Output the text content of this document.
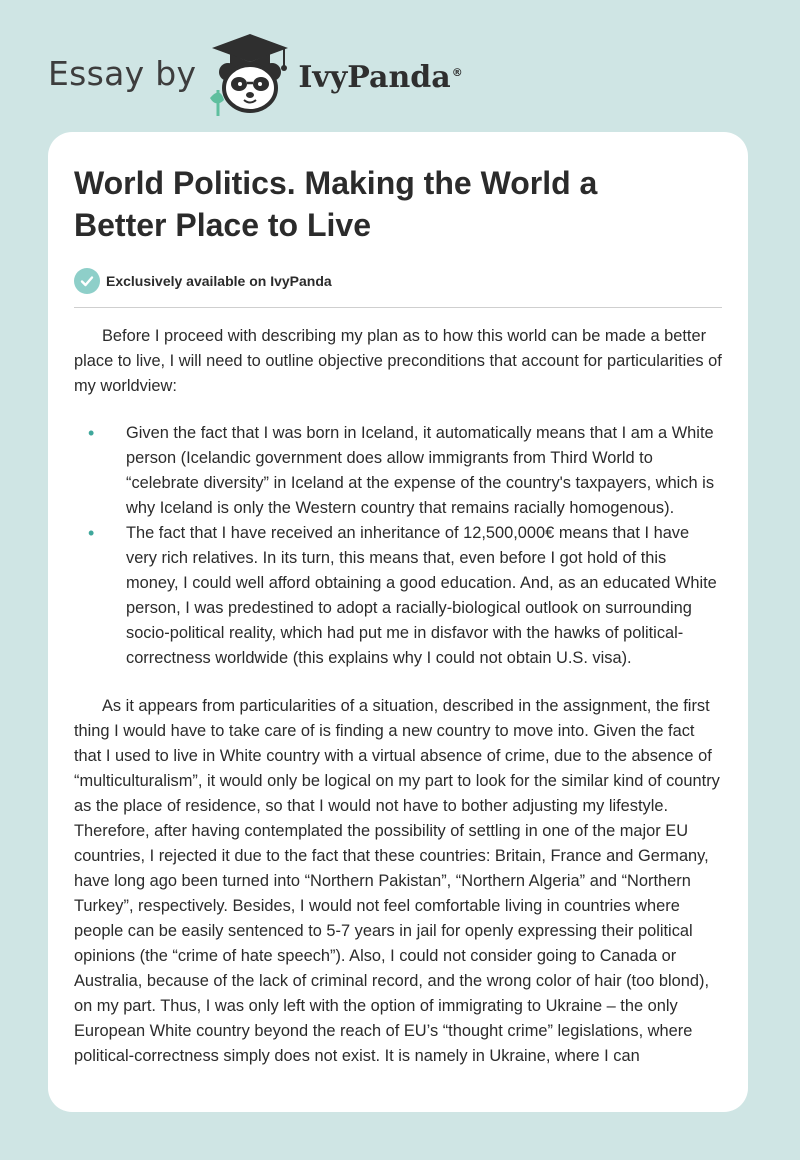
Essay by	IvyPanda®
World Politics. Making the World a
Better Place to Live
Exclusively available on IvyPanda

Before I proceed with describing my plan as to how this world can be made a better place to live, I will need to outline objective preconditions that account for particularities of my worldview:

• Given the fact that I was born in Iceland, it automatically means that I am a White person (Icelandic government does allow immigrants from Third World to “celebrate diversity” in Iceland at the expense of the country's taxpayers, which is why Iceland is only the Western country that remains racially homogenous).
• The fact that I have received an inheritance of 12,500,000€ means that I have very rich relatives. In its turn, this means that, even before I got hold of this money, I could well afford obtaining a good education. And, as an educated White person, I was predestined to adopt a racially-biological outlook on surrounding socio-political reality, which had put me in disfavor with the hawks of political-correctness worldwide (this explains why I could not obtain U.S. visa).

As it appears from particularities of a situation, described in the assignment, the first thing I would have to take care of is finding a new country to move into. Given the fact that I used to live in White country with a virtual absence of crime, due to the absence of “multiculturalism”, it would only be logical on my part to look for the similar kind of country as the place of residence, so that I would not have to bother adjusting my lifestyle. Therefore, after having contemplated the possibility of settling in one of the major EU countries, I rejected it due to the fact that these countries: Britain, France and Germany, have long ago been turned into “Northern Pakistan”, “Northern Algeria” and “Northern Turkey”, respectively. Besides, I would not feel comfortable living in countries where people can be easily sentenced to 5-7 years in jail for openly expressing their political opinions (the “crime of hate speech”). Also, I could not consider going to Canada or Australia, because of the lack of criminal record, and the wrong color of hair (too blond), on my part. Thus, I was only left with the option of immigrating to Ukraine – the only European White country beyond the reach of EU’s “thought crime” legislations, where political-correctness simply does not exist. It is namely in Ukraine, where I can
